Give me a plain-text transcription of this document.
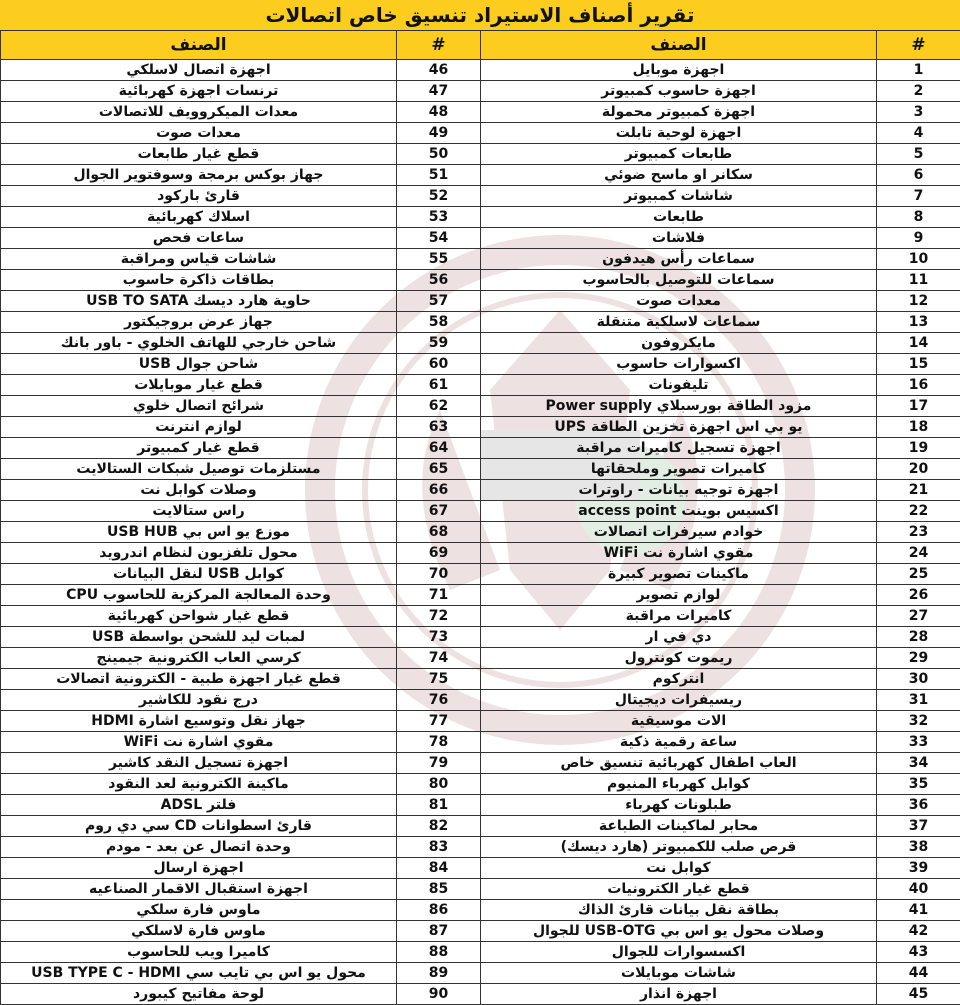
تقرير أصناف الاستيراد تنسيق خاص اتصالات
#	الصنف	#	الصنف
1	اجهزة موبايل	46	اجهزة اتصال لاسلكي
2	اجهزة حاسوب كمبيوتر	47	ترنسات اجهزة كهربائية
3	اجهزة كمبيوتر محمولة	48	معدات الميكروويف للاتصالات
4	اجهزة لوحية تابلت	49	معدات صوت
5	طابعات كمبيوتر	50	قطع غيار طابعات
6	سكانر او ماسح ضوئي	51	جهاز بوكس برمجة وسوفتوير الجوال
7	شاشات كمبيوتر	52	قارئ باركود
8	طابعات	53	اسلاك كهربائية
9	فلاشات	54	ساعات فحص
10	سماعات رأس هيدفون	55	شاشات قياس ومراقبة
11	سماعات للتوصيل بالحاسوب	56	بطاقات ذاكرة حاسوب
12	معدات صوت	57	حاوية هارد ديسك USB TO SATA
13	سماعات لاسلكية متنقلة	58	جهاز عرض بروجيكتور
14	مايكروفون	59	شاحن خارجي للهاتف الخلوي - باور بانك
15	اكسوارات حاسوب	60	شاحن جوال USB
16	تليفونات	61	قطع غيار موبايلات
17	مزود الطاقة بورسبلاي Power supply	62	شرائح اتصال خلوي
18	يو بي اس اجهزة تخزين الطاقة UPS	63	لوازم انترنت
19	اجهزة تسجيل كاميرات مراقبة	64	قطع غيار كمبيوتر
20	كاميرات تصوير وملحقاتها	65	مستلزمات توصيل شبكات الستالايت
21	اجهزة توجيه بيانات - راوترات	66	وصلات كوابل نت
22	اكسيس بوينت access point	67	راس ستالايت
23	خوادم سيرفرات اتصالات	68	موزع يو اس بي USB HUB
24	مقوي اشارة نت WiFi	69	محول تلفزيون لنظام اندرويد
25	ماكينات تصوير كبيرة	70	كوابل USB لنقل البيانات
26	لوازم تصوير	71	وحدة المعالجة المركزية للحاسوب CPU
27	كاميرات مراقبة	72	قطع غيار شواحن كهربائية
28	دي في ار	73	لمبات ليد للشحن بواسطة USB
29	ريموت كونترول	74	كرسي العاب الكترونية جيمينج
30	انتركوم	75	قطع غيار اجهزة طبية - الكترونية اتصالات
31	ريسيفرات ديجيتال	76	درج نقود للكاشير
32	الات موسيقية	77	جهاز نقل وتوسيع اشارة HDMI
33	ساعة رقمية ذكية	78	مقوي اشارة نت WiFi
34	العاب اطفال كهربائية تنسيق خاص	79	اجهزة تسجيل النقد كاشير
35	كوابل كهرباء المنيوم	80	ماكينة الكترونية لعد النقود
36	طبلونات كهرباء	81	فلتر ADSL
37	محابر لماكينات الطباعة	82	قارئ اسطوانات CD سي دي روم
38	قرص صلب للكمبيوتر (هارد ديسك)	83	وحدة اتصال عن بعد - مودم
39	كوابل نت	84	اجهزة ارسال
40	قطع غيار الكترونيات	85	اجهزة استقبال الاقمار الصناعيه
41	بطاقة نقل بيانات قارئ الذاك	86	ماوس فارة سلكي
42	وصلات محول يو اس بي USB-OTG للجوال	87	ماوس فارة لاسلكي
43	اكسسوارات للجوال	88	كاميرا ويب للحاسوب
44	شاشات موبايلات	89	محول يو اس بي تايب سي USB TYPE C - HDMI
45	اجهزة انذار	90	لوحة مفاتيح كيبورد
